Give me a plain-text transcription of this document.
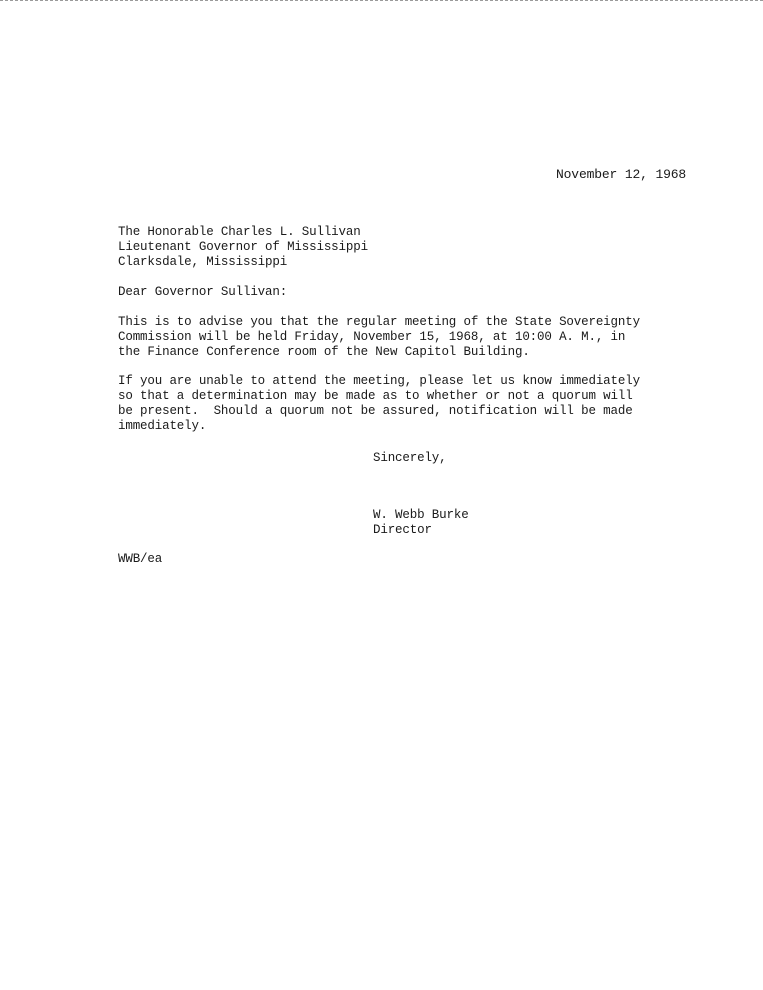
November 12, 1968
The Honorable Charles L. Sullivan
Lieutenant Governor of Mississippi
Clarksdale, Mississippi
Dear Governor Sullivan:
This is to advise you that the regular meeting of the State Sovereignty
Commission will be held Friday, November 15, 1968, at 10:00 A. M., in
the Finance Conference room of the New Capitol Building.
If you are unable to attend the meeting, please let us know immediately
so that a determination may be made as to whether or not a quorum will
be present.  Should a quorum not be assured, notification will be made
immediately.
Sincerely,
W. Webb Burke
Director
WWB/ea
